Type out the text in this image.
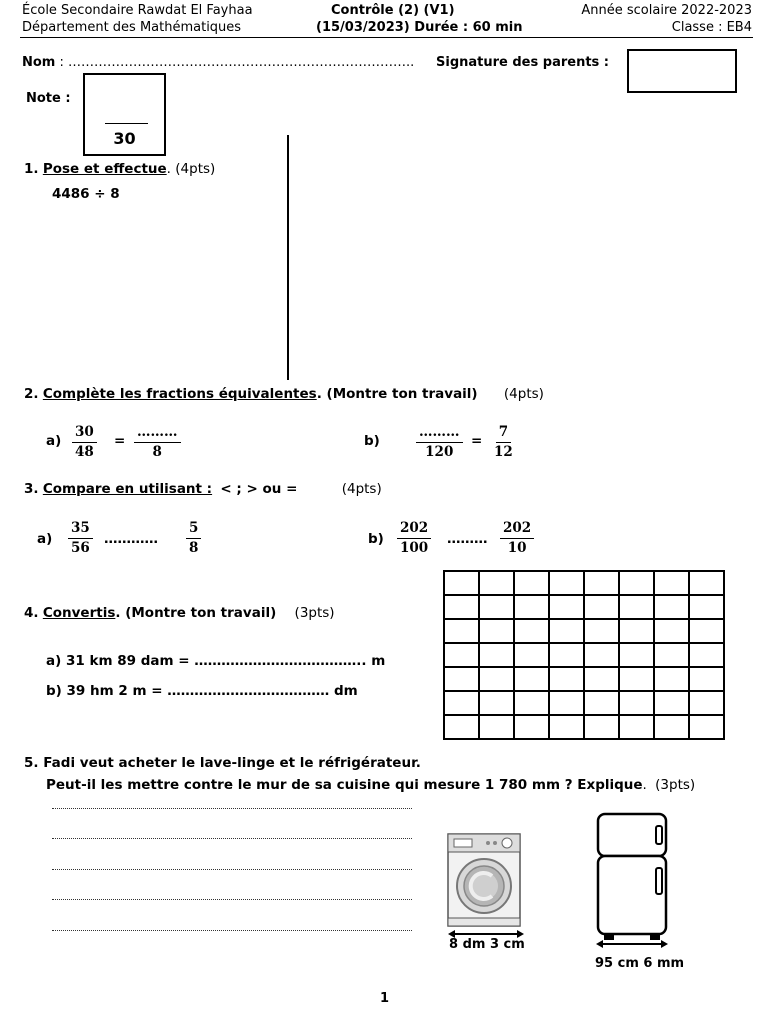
École Secondaire Rawdat El Fayhaa
Département des Mathématiques
Contrôle (2) (V1)
(15/03/2023) Durée : 60 min
Année scolaire 2022-2023
Classe : EB4
Nom : …………………………………………………………………….. Signature des parents :
Note :
30
1. Pose et effectue. (4pts)
4486 ÷ 8
2. Complète les fractions équivalentes. (Montre ton travail) (4pts)
$a) \frac{30}{48}$ =
………
8
b)
………
120
= $\frac{7}{12}$
3. Compare en utilisant : < ; > ou =	(4pts)
$a) \frac{35}{56}$ ………… $\frac{5}{8}$	$b) \frac{202}{100}$ ……… $\frac{202}{10}$

4. Convertis. (Montre ton travail) (3pts)
a) 31 km 89 dam = ……………………………….. m
b) 39 hm 2 m = ……………………………… dm
5. Fadi veut acheter le lave-linge et le réfrigérateur.
Peut-il les mettre contre le mur de sa cuisine qui mesure 1 780 mm ? Explique. (3pts)
8 dm 3 cm
95 cm 6 mm
1
